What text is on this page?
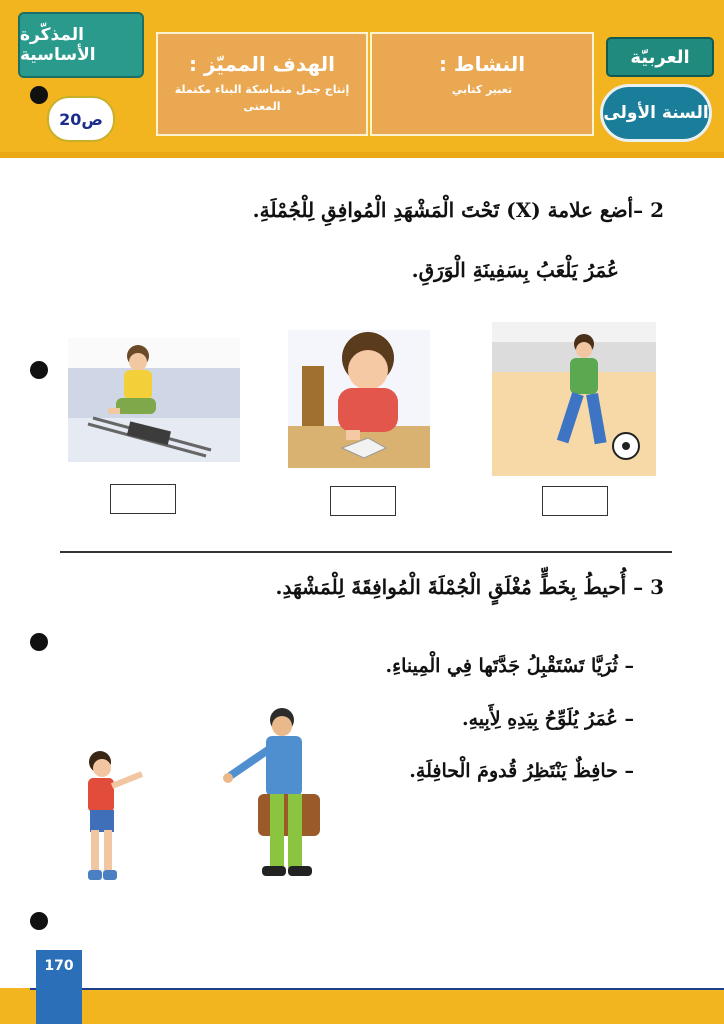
المذكّرة الأساسية
ص20
الهدف المميّز :
إنتاج جمل متماسكة البناء مكتملة المعنى
النشاط :
تعبير كتابي
العربيّة
السنة الأولى
2 –أضع علامة (X) تَحْتَ الْمَشْهَدِ الْمُوافِقِ لِلْجُمْلَةِ.
عُمَرُ يَلْعَبُ بِسَفِينَةِ الْوَرَقِ.
3 – أُحيطُ بِخَطٍّ مُغْلَقٍ الْجُمْلَةَ الْمُوافِقَةَ لِلْمَشْهَدِ.
– ثُرَيَّا تَسْتَقْبِلُ جَدَّتَها فِي الْمِيناءِ.
– عُمَرُ يُلَوِّحُ بِيَدِهِ لِأَبِيهِ.
– حافِظٌ يَنْتَظِرُ قُدومَ الْحافِلَةِ.
170
